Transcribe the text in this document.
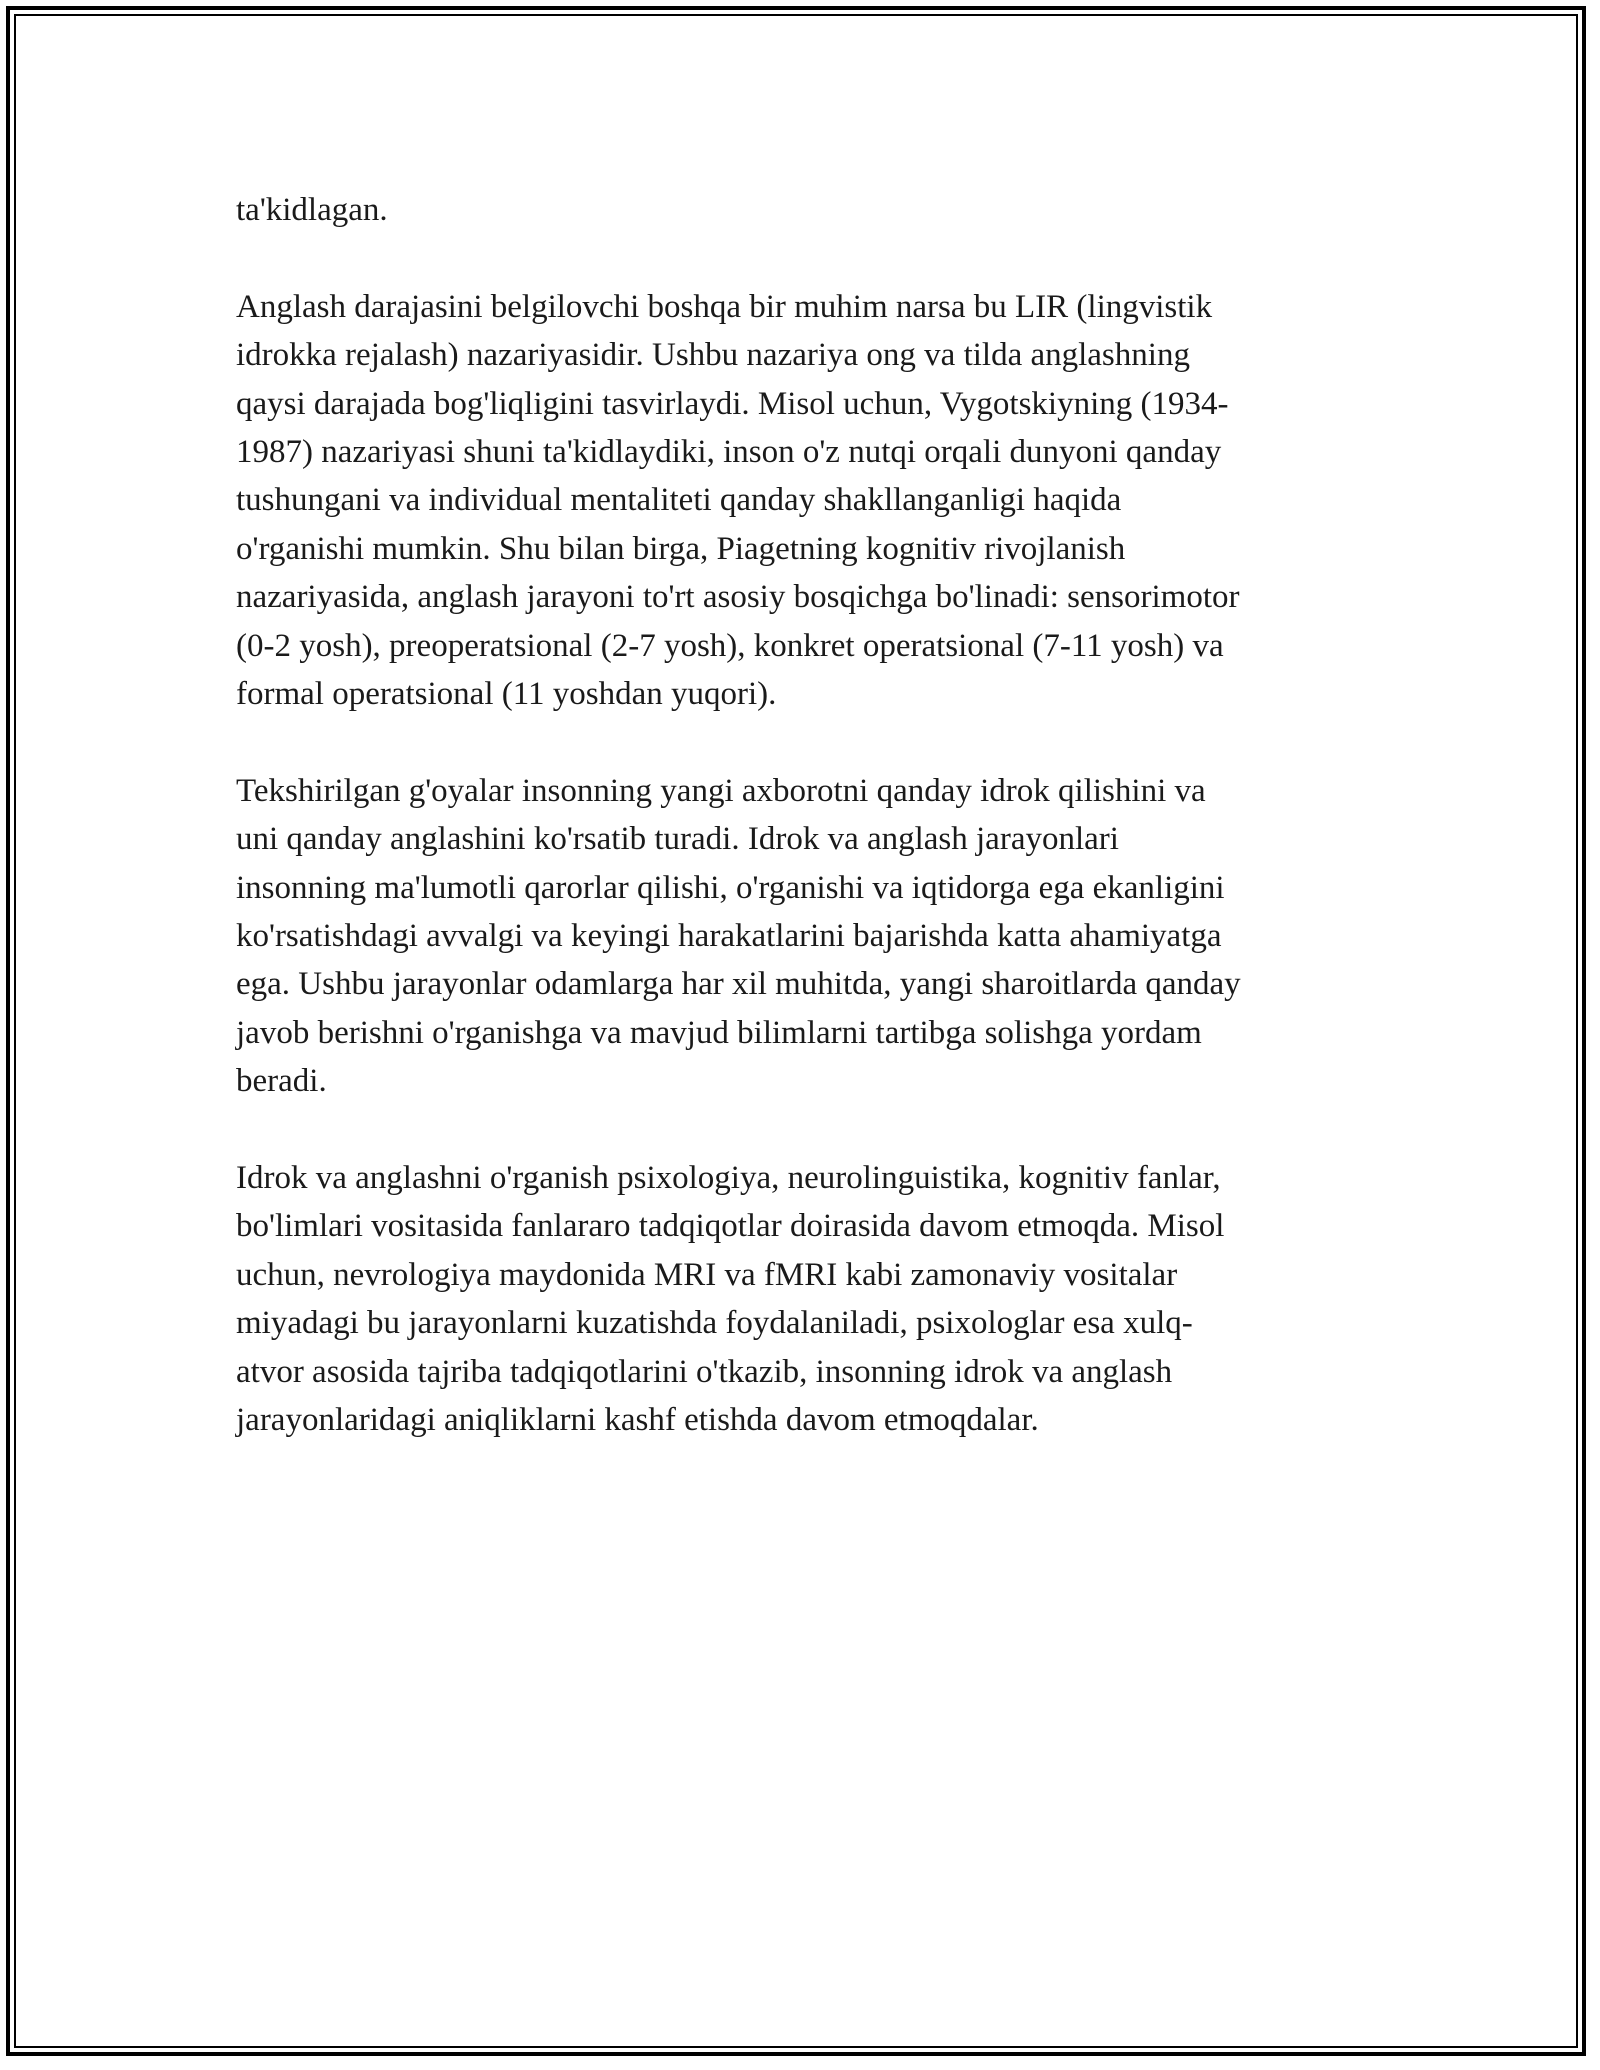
ta'kidlagan.

Anglash darajasini belgilovchi boshqa bir muhim narsa bu LIR (lingvistik
idrokka rejalash) nazariyasidir. Ushbu nazariya ong va tilda anglashning
qaysi darajada bog'liqligini tasvirlaydi. Misol uchun, Vygotskiyning (1934-
1987) nazariyasi shuni ta'kidlaydiki, inson o'z nutqi orqali dunyoni qanday
tushungani va individual mentaliteti qanday shakllanganligi haqida
o'rganishi mumkin. Shu bilan birga, Piagetning kognitiv rivojlanish
nazariyasida, anglash jarayoni to'rt asosiy bosqichga bo'linadi: sensorimotor
(0-2 yosh), preoperatsional (2-7 yosh), konkret operatsional (7-11 yosh) va
formal operatsional (11 yoshdan yuqori).

Tekshirilgan g'oyalar insonning yangi axborotni qanday idrok qilishini va
uni qanday anglashini ko'rsatib turadi. Idrok va anglash jarayonlari
insonning ma'lumotli qarorlar qilishi, o'rganishi va iqtidorga ega ekanligini
ko'rsatishdagi avvalgi va keyingi harakatlarini bajarishda katta ahamiyatga
ega. Ushbu jarayonlar odamlarga har xil muhitda, yangi sharoitlarda qanday
javob berishni o'rganishga va mavjud bilimlarni tartibga solishga yordam
beradi.

Idrok va anglashni o'rganish psixologiya, neurolinguistika, kognitiv fanlar,
bo'limlari vositasida fanlararo tadqiqotlar doirasida davom etmoqda. Misol
uchun, nevrologiya maydonida MRI va fMRI kabi zamonaviy vositalar
miyadagi bu jarayonlarni kuzatishda foydalaniladi, psixologlar esa xulq-
atvor asosida tajriba tadqiqotlarini o'tkazib, insonning idrok va anglash
jarayonlaridagi aniqliklarni kashf etishda davom etmoqdalar.
